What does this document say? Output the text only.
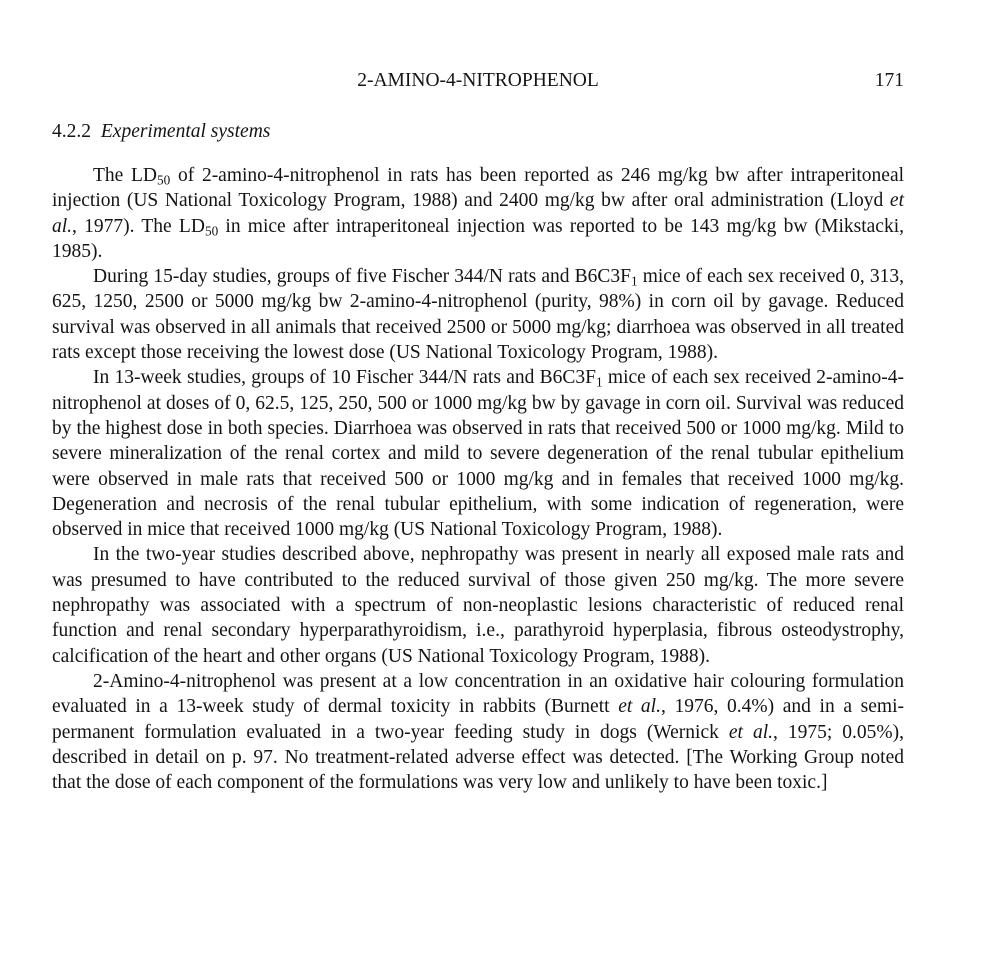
2-AMINO-4-NITROPHENOL	171
4.2.2 Experimental systems

The $LD_{50}$ of 2-amino-4-nitrophenol in rats has been reported as 246 mg/kg bw after intraperitoneal injection (US National Toxicology Program, 1988) and 2400 mg/kg bw after oral administration (Lloyd et al., 1977). The $LD_{50}$ in mice after intraperitoneal injection was reported to be 143 mg/kg bw (Mikstacki, 1985).

During 15-day studies, groups of five Fischer 344/N rats and $B6C3F_1$ mice of each sex received 0, 313, 625, 1250, 2500 or 5000 mg/kg bw 2-amino-4-nitrophenol (purity, 98%) in corn oil by gavage. Reduced survival was observed in all animals that received 2500 or 5000 mg/kg; diarrhoea was observed in all treated rats except those receiving the lowest dose (US National Toxicology Program, 1988).

In 13-week studies, groups of 10 Fischer 344/N rats and $B6C3F_1$ mice of each sex received 2-amino-4-nitrophenol at doses of 0, 62.5, 125, 250, 500 or 1000 mg/kg bw by gavage in corn oil. Survival was reduced by the highest dose in both species. Diarrhoea was observed in rats that received 500 or 1000 mg/kg. Mild to severe mineralization of the renal cortex and mild to severe degeneration of the renal tubular epithelium were observed in male rats that received 500 or 1000 mg/kg and in females that received 1000 mg/kg. Degeneration and necrosis of the renal tubular epithelium, with some indication of regeneration, were observed in mice that received 1000 mg/kg (US National Toxicology Program, 1988).

In the two-year studies described above, nephropathy was present in nearly all exposed male rats and was presumed to have contributed to the reduced survival of those given 250 mg/kg. The more severe nephropathy was associated with a spectrum of non-neoplastic lesions characteristic of reduced renal function and renal secondary hyperparathyroidism, i.e., parathyroid hyperplasia, fibrous osteodystrophy, calcification of the heart and other organs (US National Toxicology Program, 1988).

2-Amino-4-nitrophenol was present at a low concentration in an oxidative hair colouring formulation evaluated in a 13-week study of dermal toxicity in rabbits (Burnett et al., 1976, 0.4%) and in a semi-permanent formulation evaluated in a two-year feeding study in dogs (Wernick et al., 1975; 0.05%), described in detail on p. 97. No treatment-related adverse effect was detected. [The Working Group noted that the dose of each component of the formulations was very low and unlikely to have been toxic.]
